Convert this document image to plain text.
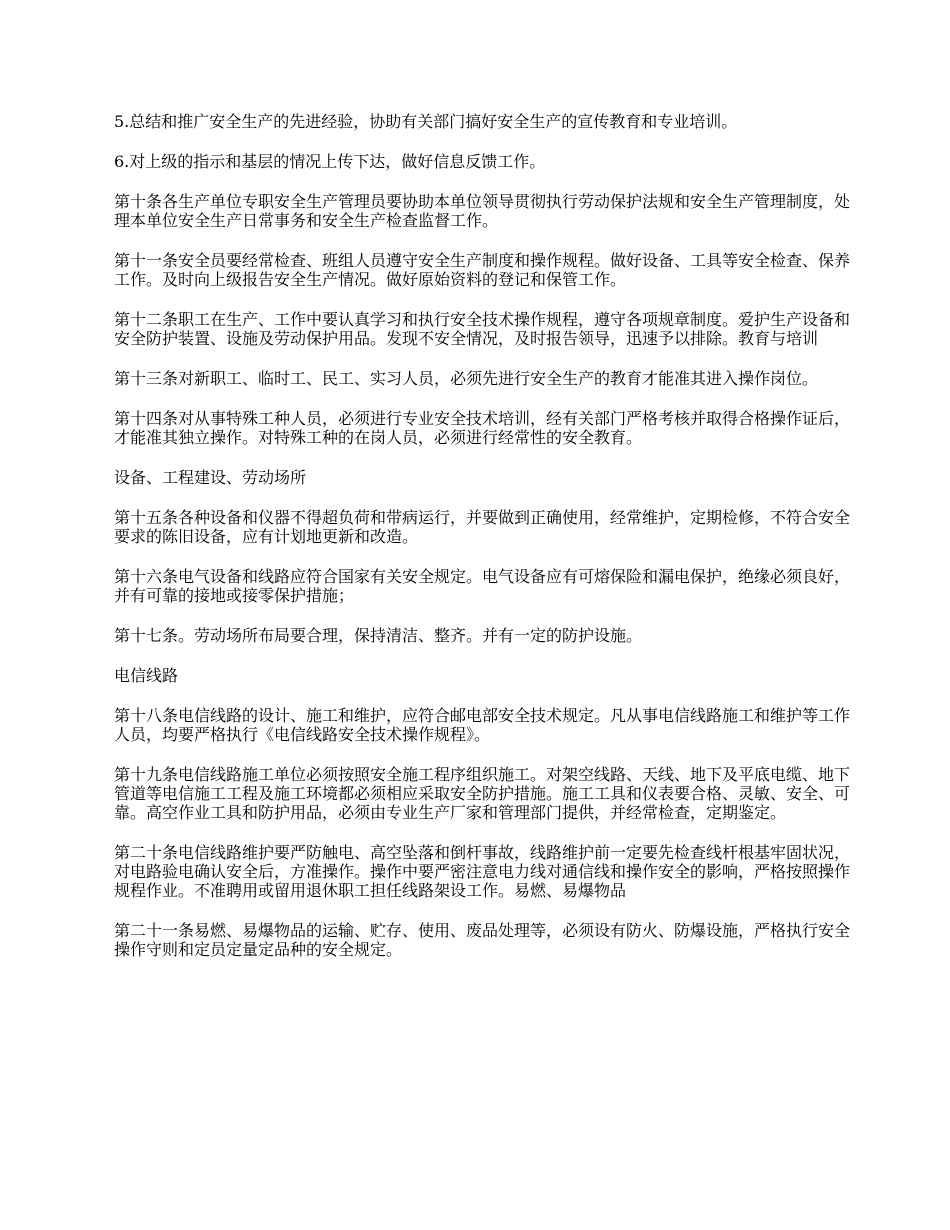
5.总结和推广安全生产的先进经验，协助有关部门搞好安全生产的宣传教育和专业培训。

6.对上级的指示和基层的情况上传下达，做好信息反馈工作。

第十条各生产单位专职安全生产管理员要协助本单位领导贯彻执行劳动保护法规和安全生产管理制度，处理本单位安全生产日常事务和安全生产检查监督工作。

第十一条安全员要经常检查、班组人员遵守安全生产制度和操作规程。做好设备、工具等安全检查、保养工作。及时向上级报告安全生产情况。做好原始资料的登记和保管工作。

第十二条职工在生产、工作中要认真学习和执行安全技术操作规程，遵守各项规章制度。爱护生产设备和安全防护装置、设施及劳动保护用品。发现不安全情况，及时报告领导，迅速予以排除。教育与培训

第十三条对新职工、临时工、民工、实习人员，必须先进行安全生产的教育才能准其进入操作岗位。

第十四条对从事特殊工种人员，必须进行专业安全技术培训，经有关部门严格考核并取得合格操作证后，才能准其独立操作。对特殊工种的在岗人员，必须进行经常性的安全教育。

设备、工程建设、劳动场所

第十五条各种设备和仪器不得超负荷和带病运行，并要做到正确使用，经常维护，定期检修，不符合安全要求的陈旧设备，应有计划地更新和改造。

第十六条电气设备和线路应符合国家有关安全规定。电气设备应有可熔保险和漏电保护，绝缘必须良好，并有可靠的接地或接零保护措施；

第十七条。劳动场所布局要合理，保持清洁、整齐。并有一定的防护设施。

电信线路

第十八条电信线路的设计、施工和维护，应符合邮电部安全技术规定。凡从事电信线路施工和维护等工作人员，均要严格执行《电信线路安全技术操作规程》。

第十九条电信线路施工单位必须按照安全施工程序组织施工。对架空线路、天线、地下及平底电缆、地下管道等电信施工工程及施工环境都必须相应采取安全防护措施。施工工具和仪表要合格、灵敏、安全、可靠。高空作业工具和防护用品，必须由专业生产厂家和管理部门提供，并经常检查，定期鉴定。

第二十条电信线路维护要严防触电、高空坠落和倒杆事故，线路维护前一定要先检查线杆根基牢固状况，对电路验电确认安全后，方准操作。操作中要严密注意电力线对通信线和操作安全的影响，严格按照操作规程作业。不准聘用或留用退休职工担任线路架设工作。易燃、易爆物品

第二十一条易燃、易爆物品的运输、贮存、使用、废品处理等，必须设有防火、防爆设施，严格执行安全操作守则和定员定量定品种的安全规定。
